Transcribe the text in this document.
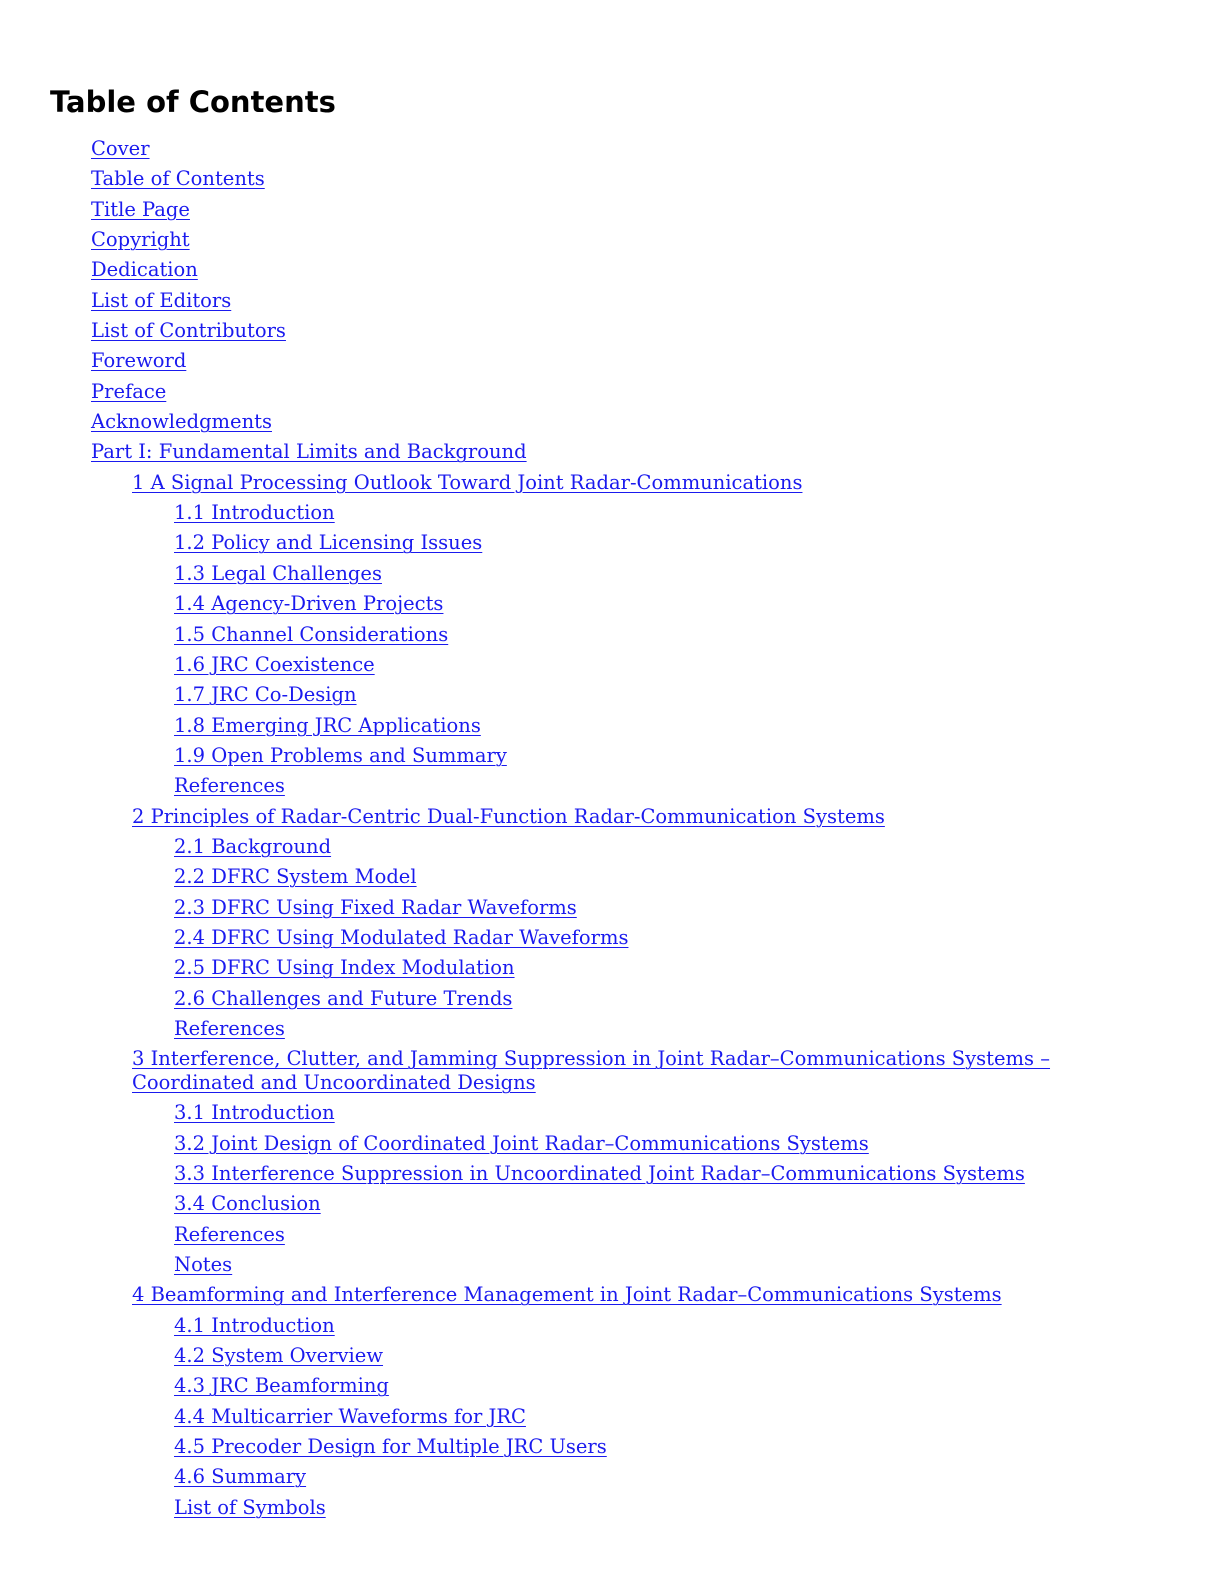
Table of Contents
Cover
Table of Contents
Title Page
Copyright
Dedication
List of Editors
List of Contributors
Foreword
Preface
Acknowledgments
Part I: Fundamental Limits and Background
1 A Signal Processing Outlook Toward Joint Radar-Communications
1.1 Introduction
1.2 Policy and Licensing Issues
1.3 Legal Challenges
1.4 Agency-Driven Projects
1.5 Channel Considerations
1.6 JRC Coexistence
1.7 JRC Co-Design
1.8 Emerging JRC Applications
1.9 Open Problems and Summary
References
2 Principles of Radar-Centric Dual-Function Radar-Communication Systems
2.1 Background
2.2 DFRC System Model
2.3 DFRC Using Fixed Radar Waveforms
2.4 DFRC Using Modulated Radar Waveforms
2.5 DFRC Using Index Modulation
2.6 Challenges and Future Trends
References
3 Interference, Clutter, and Jamming Suppression in Joint Radar–Communications Systems – Coordinated and Uncoordinated Designs
3.1 Introduction
3.2 Joint Design of Coordinated Joint Radar–Communications Systems
3.3 Interference Suppression in Uncoordinated Joint Radar–Communications Systems
3.4 Conclusion
References
Notes
4 Beamforming and Interference Management in Joint Radar–Communications Systems
4.1 Introduction
4.2 System Overview
4.3 JRC Beamforming
4.4 Multicarrier Waveforms for JRC
4.5 Precoder Design for Multiple JRC Users
4.6 Summary
List of Symbols
